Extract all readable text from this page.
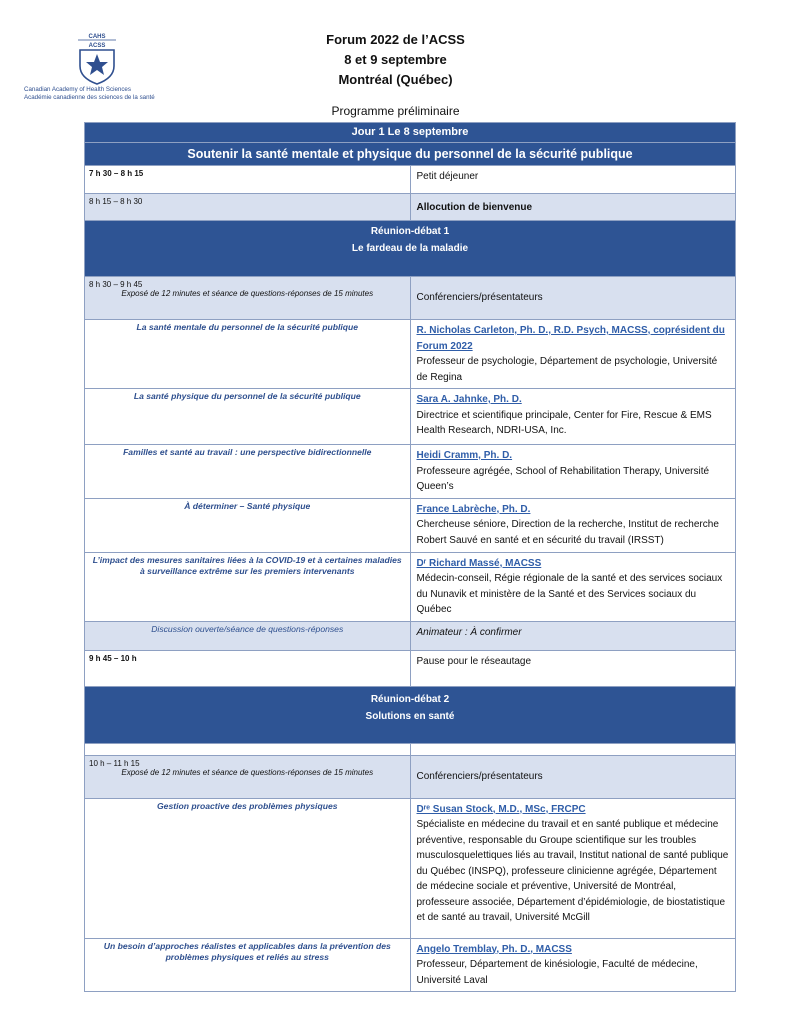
CAHS
ACSS
Canadian Academy of Health Sciences
Académie canadienne des sciences de la santé
Forum 2022 de l’ACSS
8 et 9 septembre
Montréal (Québec)
Programme préliminaire
Jour 1 Le 8 septembre	
Soutenir la santé mentale et physique du personnel de la sécurité publique	
7 h 30 – 8 h 15	Petit déjeuner
8 h 15 – 8 h 30	Allocution de bienvenue

Réunion-débat 1
Le fardeau de la maladie	

8 h 30 – 9 h 45
Exposé de 12 minutes et séance de questions-réponses de 15 minutes	Conférenciers/présentateurs
La santé mentale du personnel de la sécurité publique	R. Nicholas Carleton, Ph. D., R.D. Psych, MACSS, coprésident du Forum 2022
Professeur de psychologie, Département de psychologie, Université de Regina

La santé physique du personnel de la sécurité publique	Sara A. Jahnke, Ph. D.
Directrice et scientifique principale, Center for Fire, Rescue & EMS Health Research, NDRI-USA, Inc.

Familles et santé au travail : une perspective bidirectionnelle	Heidi Cramm, Ph. D.
Professeure agrégée, School of Rehabilitation Therapy, Université Queen’s

À déterminer – Santé physique	France Labrèche, Ph. D.
Chercheuse séniore, Direction de la recherche, Institut de recherche Robert Sauvé en santé et en sécurité du travail (IRSST)

L’impact des mesures sanitaires liées à la COVID-19 et à certaines maladies à surveillance extrême sur les premiers intervenants	Dʳ Richard Massé, MACSS
Médecin-conseil, Régie régionale de la santé et des services sociaux du Nunavik et ministère de la Santé et des Services sociaux du Québec

Discussion ouverte/séance de questions-réponses	Animateur : À confirmer
9 h 45 – 10 h	Pause pour le réseautage

Réunion-débat 2
Solutions en santé	

10 h – 11 h 15
Exposé de 12 minutes et séance de questions-réponses de 15 minutes	Conférenciers/présentateurs
Gestion proactive des problèmes physiques	Dʳᵉ Susan Stock, M.D., MSc, FRCPC
Spécialiste en médecine du travail et en santé publique et médecine préventive, responsable du Groupe scientifique sur les troubles musculosquelettiques liés au travail, Institut national de santé publique du Québec (INSPQ), professeure clinicienne agrégée, Département de médecine sociale et préventive, Université de Montréal, professeure associée, Département d’épidémiologie, de biostatistique et de santé au travail, Université McGill

Un besoin d’approches réalistes et applicables dans la prévention des problèmes physiques et reliés au stress	Angelo Tremblay, Ph. D., MACSS
Professeur, Département de kinésiologie, Faculté de médecine, Université Laval
